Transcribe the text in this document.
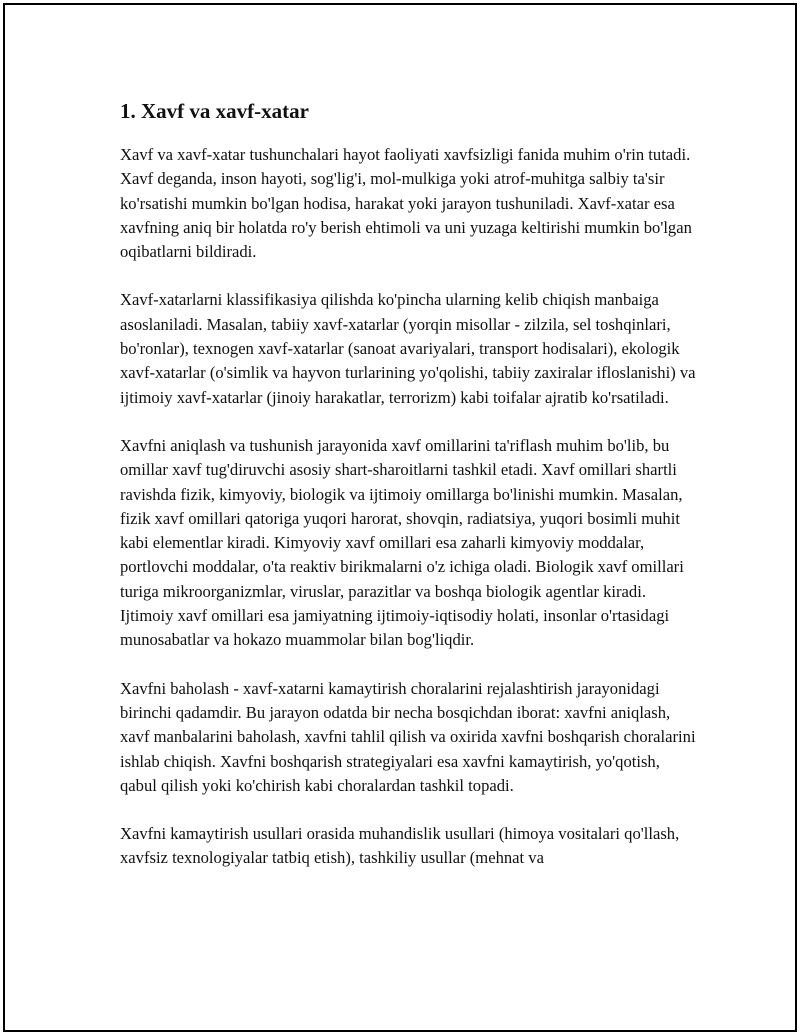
1. Xavf va xavf-xatar

Xavf va xavf-xatar tushunchalari hayot faoliyati xavfsizligi fanida muhim o'rin tutadi. Xavf deganda, inson hayoti, sog'lig'i, mol-mulkiga yoki atrof-muhitga salbiy ta'sir ko'rsatishi mumkin bo'lgan hodisa, harakat yoki jarayon tushuniladi. Xavf-xatar esa xavfning aniq bir holatda ro'y berish ehtimoli va uni yuzaga keltirishi mumkin bo'lgan oqibatlarni bildiradi.

Xavf-xatarlarni klassifikasiya qilishda ko'pincha ularning kelib chiqish manbaiga asoslaniladi. Masalan, tabiiy xavf-xatarlar (yorqin misollar - zilzila, sel toshqinlari, bo'ronlar), texnogen xavf-xatarlar (sanoat avariyalari, transport hodisalari), ekologik xavf-xatarlar (o'simlik va hayvon turlarining yo'qolishi, tabiiy zaxiralar ifloslanishi) va ijtimoiy xavf-xatarlar (jinoiy harakatlar, terrorizm) kabi toifalar ajratib ko'rsatiladi.

Xavfni aniqlash va tushunish jarayonida xavf omillarini ta'riflash muhim bo'lib, bu omillar xavf tug'diruvchi asosiy shart-sharoitlarni tashkil etadi. Xavf omillari shartli ravishda fizik, kimyoviy, biologik va ijtimoiy omillarga bo'linishi mumkin. Masalan, fizik xavf omillari qatoriga yuqori harorat, shovqin, radiatsiya, yuqori bosimli muhit kabi elementlar kiradi. Kimyoviy xavf omillari esa zaharli kimyoviy moddalar, portlovchi moddalar, o'ta reaktiv birikmalarni o'z ichiga oladi. Biologik xavf omillari turiga mikroorganizmlar, viruslar, parazitlar va boshqa biologik agentlar kiradi. Ijtimoiy xavf omillari esa jamiyatning ijtimoiy-iqtisodiy holati, insonlar o'rtasidagi munosabatlar va hokazo muammolar bilan bog'liqdir.

Xavfni baholash - xavf-xatarni kamaytirish choralarini rejalashtirish jarayonidagi birinchi qadamdir. Bu jarayon odatda bir necha bosqichdan iborat: xavfni aniqlash, xavf manbalarini baholash, xavfni tahlil qilish va oxirida xavfni boshqarish choralarini ishlab chiqish. Xavfni boshqarish strategiyalari esa xavfni kamaytirish, yo'qotish, qabul qilish yoki ko'chirish kabi choralardan tashkil topadi.

Xavfni kamaytirish usullari orasida muhandislik usullari (himoya vositalari qo'llash, xavfsiz texnologiyalar tatbiq etish), tashkiliy usullar (mehnat va
